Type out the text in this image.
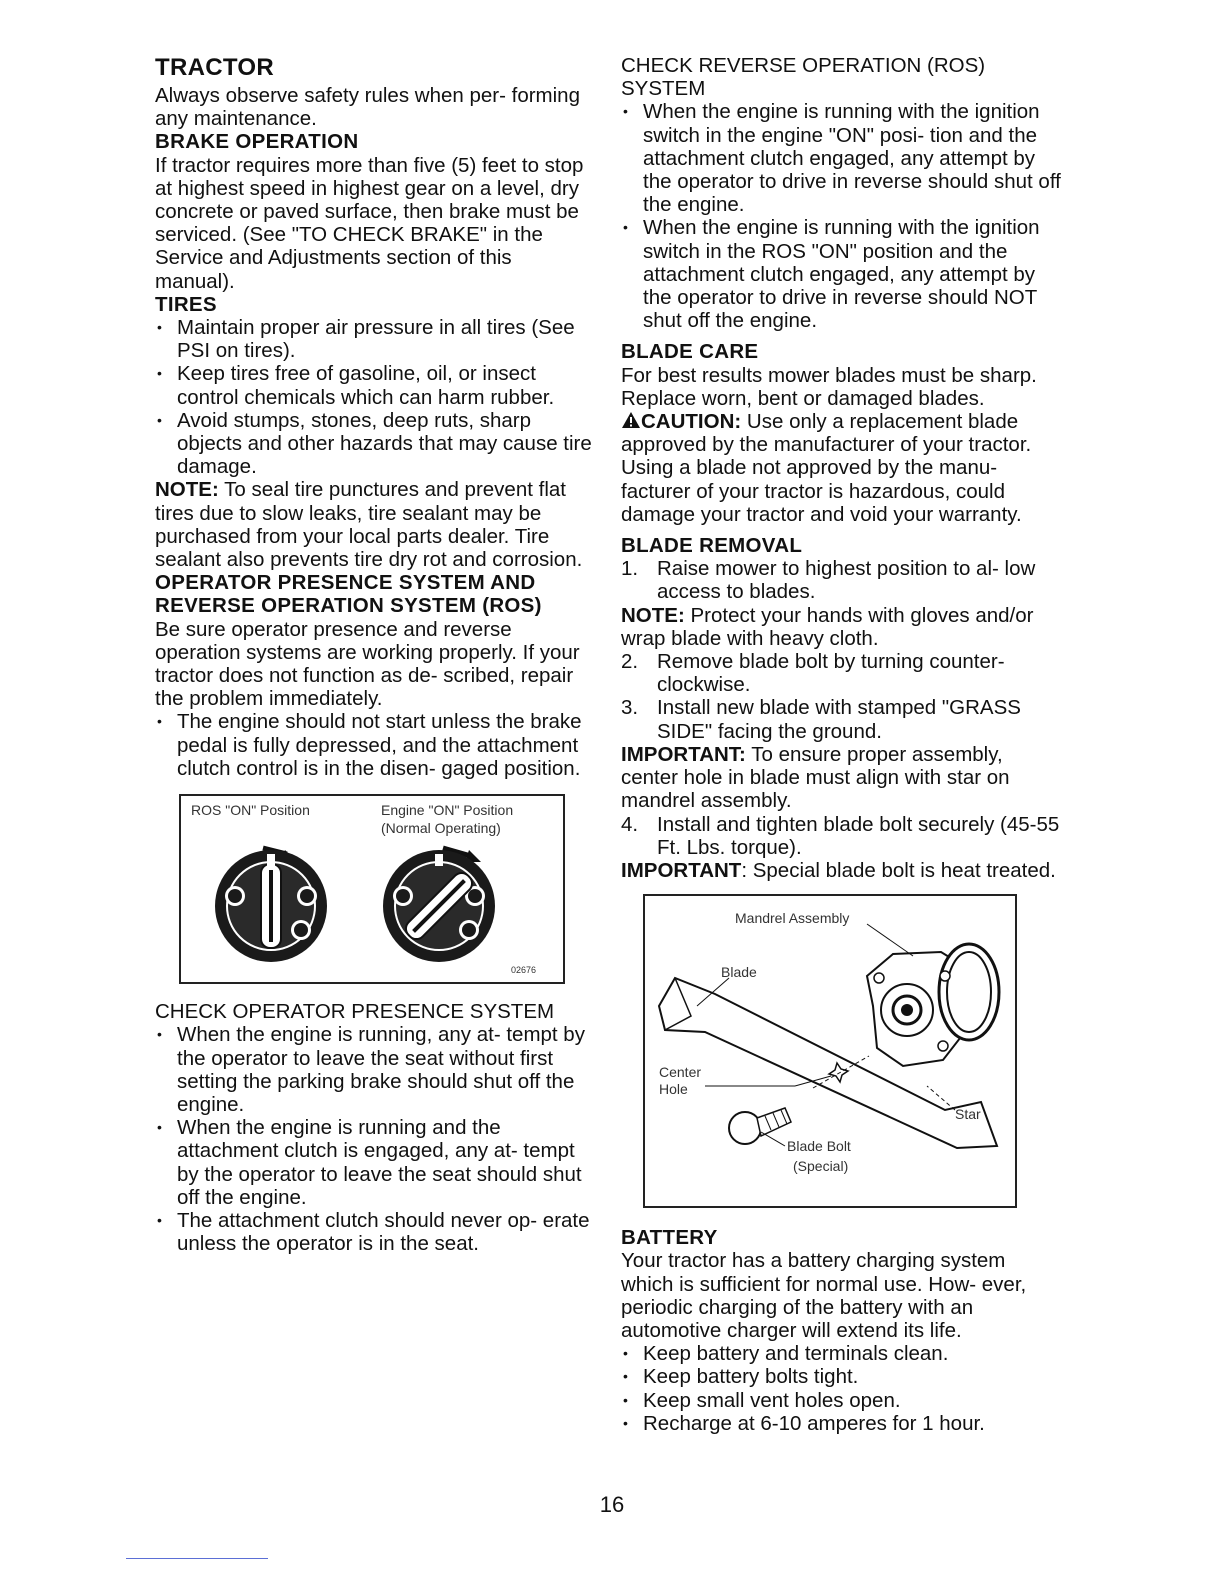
TRACTOR

Always observe safety rules when per- forming any maintenance.

BRAKE OPERATION

If tractor requires more than five (5) feet to stop at highest speed in highest gear on a level, dry concrete or paved surface, then brake must be serviced. (See "TO CHECK BRAKE" in the Service and Adjustments section of this manual).

TIRES
• Maintain proper air pressure in all tires (See PSI on tires).
• Keep tires free of gasoline, oil, or insect control chemicals which can harm rubber.
• Avoid stumps, stones, deep ruts, sharp objects and other hazards that may cause tire damage.

NOTE: To seal tire punctures and prevent flat tires due to slow leaks, tire sealant may be purchased from your local parts dealer. Tire sealant also prevents tire dry rot and corrosion.

OPERATOR PRESENCE SYSTEM AND REVERSE OPERATION SYSTEM (ROS)

Be sure operator presence and reverse operation systems are working properly. If your tractor does not function as de- scribed, repair the problem immediately.

• The engine should not start unless the brake pedal is fully depressed, and the attachment clutch control is in the disen- gaged position.
ROS "ON" Position	Engine "ON" Position
(Normal Operating)
02676
CHECK OPERATOR PRESENCE SYSTEM
• When the engine is running, any at- tempt by the operator to leave the seat without first setting the parking brake should shut off the engine.
• When the engine is running and the attachment clutch is engaged, any at- tempt by the operator to leave the seat should shut off the engine.
• The attachment clutch should never op- erate unless the operator is in the seat.
CHECK REVERSE OPERATION (ROS) SYSTEM
• When the engine is running with the ignition switch in the engine "ON" posi- tion and the attachment clutch engaged, any attempt by the operator to drive in reverse should shut off the engine.
• When the engine is running with the ignition switch in the ROS "ON" position and the attachment clutch engaged, any attempt by the operator to drive in reverse should NOT shut off the engine.
BLADE CARE

For best results mower blades must be sharp. Replace worn, bent or damaged blades.

CAUTION: Use only a replacement blade approved by the manufacturer of your tractor. Using a blade not approved by the manu- facturer of your tractor is hazardous, could damage your tractor and void your warranty.

BLADE REMOVAL
1. Raise mower to highest position to al- low access to blades.

NOTE: Protect your hands with gloves and/or wrap blade with heavy cloth.

2. Remove blade bolt by turning counter- clockwise.
3. Install new blade with stamped "GRASS SIDE" facing the ground.

IMPORTANT: To ensure proper assembly, center hole in blade must align with star on mandrel assembly.

4. Install and tighten blade bolt securely (45-55 Ft. Lbs. torque).

IMPORTANT: Special blade bolt is heat treated.

Mandrel Assembly
Blade
Center
Hole
Star
Blade Bolt
(Special)
BATTERY

Your tractor has a battery charging system which is sufficient for normal use. How- ever, periodic charging of the battery with an automotive charger will extend its life.

• Keep battery and terminals clean.
• Keep battery bolts tight.
• Keep small vent holes open.
• Recharge at 6-10 amperes for 1 hour.
16
